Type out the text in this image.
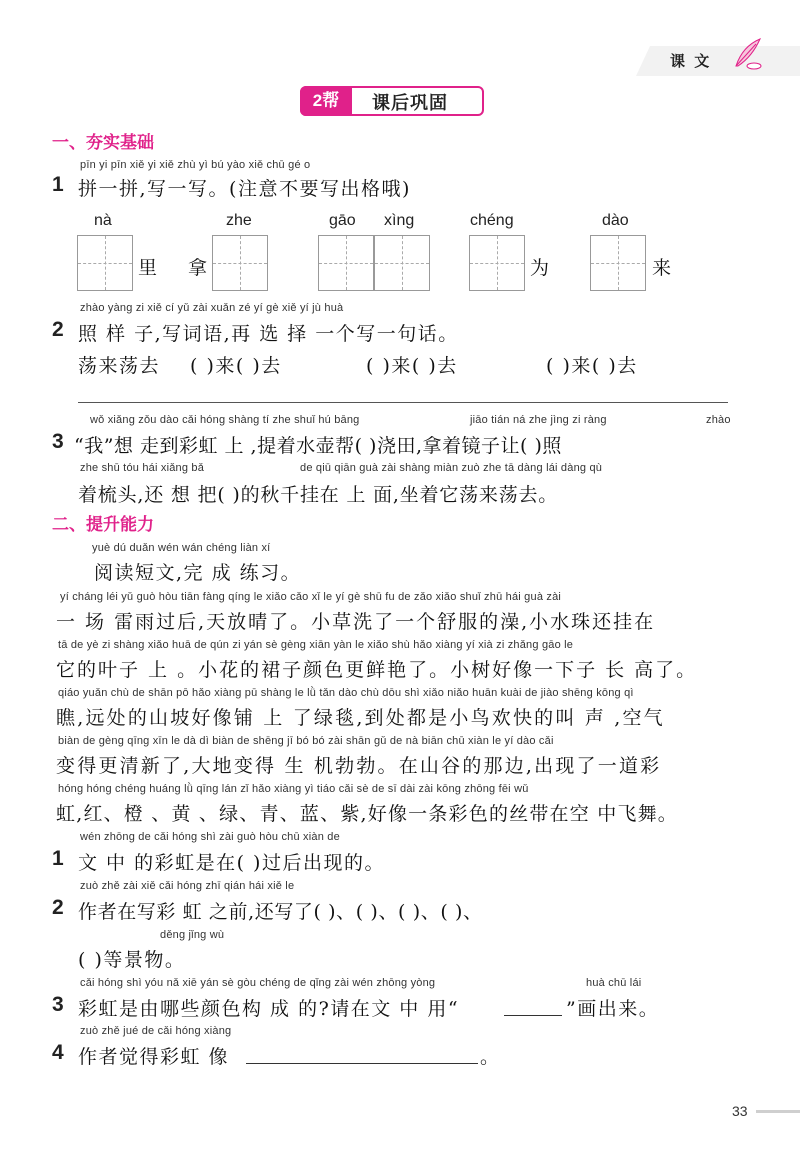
课 文
2帮	课后巩固
一、夯实基础
pīn yi pīn xiě yi xiě zhù yì bú yào xiě chū gé o
1 拼一拼,写一写。(注意不要写出格哦)
nà	zhe	gāo xìng	chéng	dào
里 拿	为	来
zhào yàng zi xiě cí yǔ zài xuǎn zé yí gè xiě yí jù huà
2 照 样 子,写词语,再 选 择 一个写一句话。
荡来荡去 ( )来( )去	( )来( )去	( )来( )去
wǒ xiǎng zǒu dào cǎi hóng shàng tí zhe shuǐ hú bāng	jiāo tián ná zhe jìng zi ràng	zhào
3 “我”想 走到彩虹 上 ,提着水壶帮( )浇田,拿着镜子让( )照
zhe shū tóu hái xiǎng bǎ	de qiū qiān guà zài shàng miàn zuò zhe tā dàng lái dàng qù
着梳头,还 想 把( )的秋千挂在 上 面,坐着它荡来荡去。
二、提升能力
yuè dú duǎn wén wán chéng liàn xí
阅读短文,完 成 练习。
yí cháng léi yǔ guò hòu tiān fàng qíng le xiǎo cǎo xǐ le yí gè shū fu de zǎo xiǎo shuǐ zhū hái guà zài
一 场 雷雨过后,天放晴了。小草洗了一个舒服的澡,小水珠还挂在
tā de yè zi shàng xiǎo huā de qún zi yán sè gèng xiān yàn le xiǎo shù hǎo xiàng yí xià zi zhǎng gāo le
它的叶子 上 。小花的裙子颜色更鲜艳了。小树好像一下子 长 高了。
qiáo yuǎn chù de shān pō hǎo xiàng pū shàng le lǜ tǎn dào chù dōu shì xiǎo niǎo huān kuài de jiào shēng kōng qì
瞧,远处的山坡好像铺 上 了绿毯,到处都是小鸟欢快的叫 声 ,空气
biàn de gèng qīng xīn le dà dì biàn de shēng jī bó bó zài shān gǔ de nà biān chū xiàn le yí dào cǎi
变得更清新了,大地变得 生 机勃勃。在山谷的那边,出现了一道彩
hóng hóng chéng huáng lǜ qīng lán zǐ hǎo xiàng yì tiáo cǎi sè de sī dài zài kōng zhōng fēi wǔ
虹,红、橙 、黄 、绿、青、蓝、紫,好像一条彩色的丝带在空 中飞舞。
wén zhōng de cǎi hóng shì zài guò hòu chū xiàn de
1 文 中 的彩虹是在( )过后出现的。
zuò zhě zài xiě cǎi hóng zhī qián hái xiě le
2 作者在写彩 虹 之前,还写了( )、( )、( )、( )、
děng jǐng wù
( )等景物。
cǎi hóng shì yóu nǎ xiē yán sè gòu chéng de qǐng zài wén zhōng yòng	huà chū lái
3 彩虹是由哪些颜色构 成 的?请在文 中 用“	”画出来。
zuò zhě jué de cǎi hóng xiàng
4 作者觉得彩虹 像	。
33
